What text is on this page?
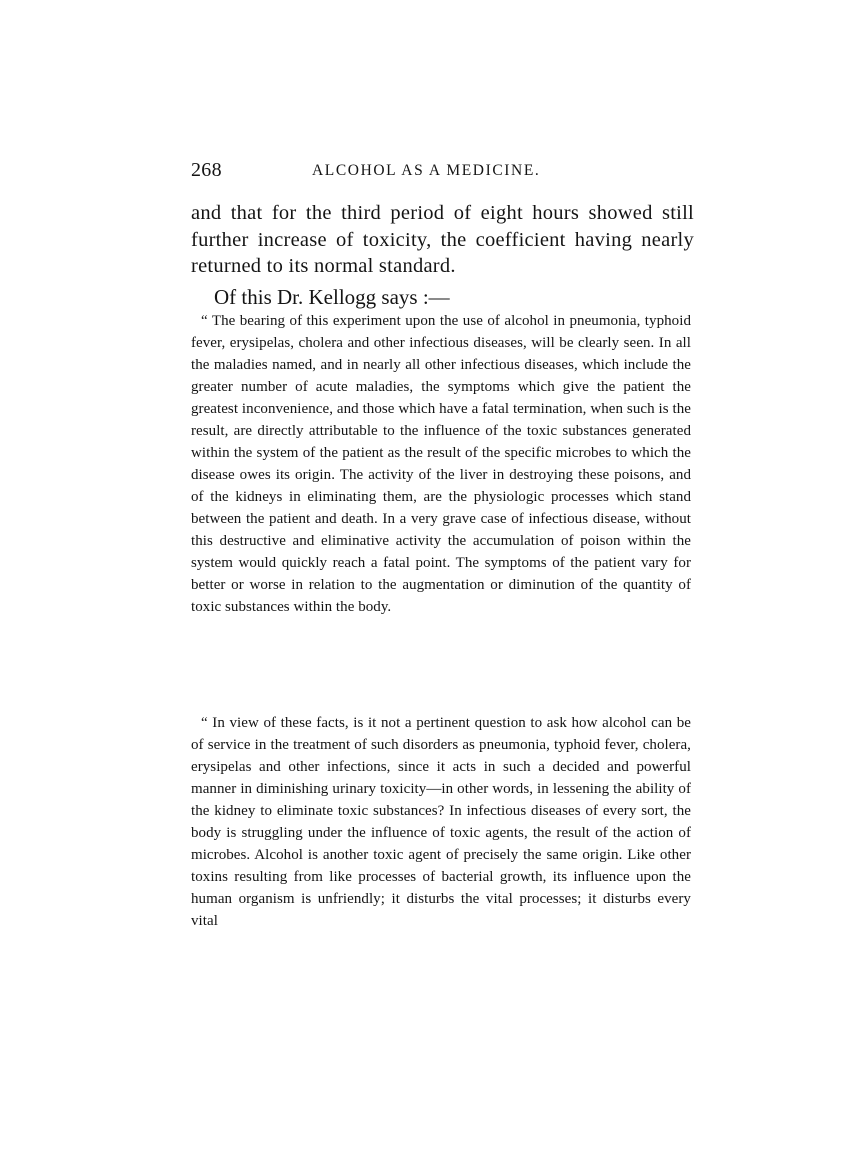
268	ALCOHOL AS A MEDICINE.

and that for the third period of eight hours showed still further increase of toxicity, the coefficient having nearly returned to its normal standard.

Of this Dr. Kellogg says :—

“ The bearing of this experiment upon the use of alcohol in pneumonia, typhoid fever, erysipelas, cholera and other infectious diseases, will be clearly seen. In all the maladies named, and in nearly all other infectious diseases, which include the greater number of acute maladies, the symptoms which give the patient the greatest inconvenience, and those which have a fatal termination, when such is the result, are directly attributable to the influence of the toxic substances generated within the system of the patient as the result of the specific microbes to which the disease owes its origin. The activity of the liver in destroying these poisons, and of the kidneys in eliminating them, are the physiologic processes which stand between the patient and death. In a very grave case of infectious disease, without this destructive and eliminative activity the accumulation of poison within the system would quickly reach a fatal point. The symptoms of the patient vary for better or worse in relation to the augmentation or diminution of the quantity of toxic substances within the body.

“ In view of these facts, is it not a pertinent question to ask how alcohol can be of service in the treatment of such disorders as pneumonia, typhoid fever, cholera, erysipelas and other infections, since it acts in such a decided and powerful manner in diminishing urinary toxicity—in other words, in lessening the ability of the kidney to eliminate toxic substances? In infectious diseases of every sort, the body is struggling under the influence of toxic agents, the result of the action of microbes. Alcohol is another toxic agent of precisely the same origin. Like other toxins resulting from like processes of bacterial growth, its influence upon the human organism is unfriendly; it disturbs the vital processes; it disturbs every vital
